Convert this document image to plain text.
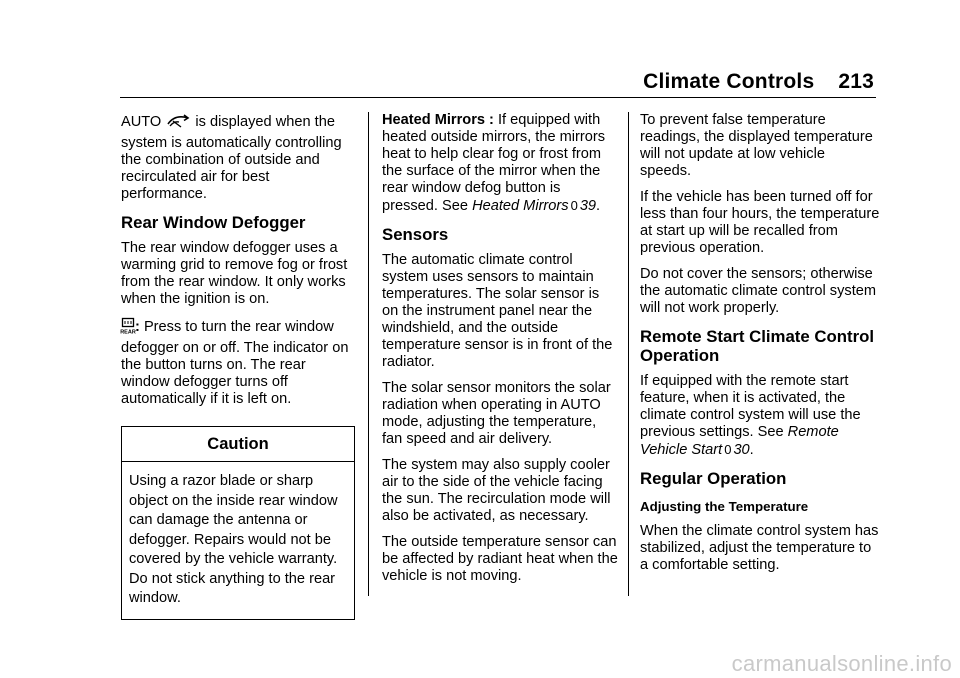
Climate Controls 213

AUTO is displayed when the system is automatically controlling the combination of outside and recirculated air for best performance.

Rear Window Defogger

The rear window defogger uses a warming grid to remove fog or frost from the rear window. It only works when the ignition is on.

REAR : Press to turn the rear window defogger on or off. The indicator on the button turns on. The rear window defogger turns off automatically if it is left on.

Caution
Using a razor blade or sharp object on the inside rear window can damage the antenna or defogger. Repairs would not be covered by the vehicle warranty. Do not stick anything to the rear window.

Heated Mirrors : If equipped with heated outside mirrors, the mirrors heat to help clear fog or frost from the surface of the mirror when the rear window defog button is pressed. See Heated Mirrors 0 39.

Sensors

The automatic climate control system uses sensors to maintain temperatures. The solar sensor is on the instrument panel near the windshield, and the outside temperature sensor is in front of the radiator.

The solar sensor monitors the solar radiation when operating in AUTO mode, adjusting the temperature, fan speed and air delivery.

The system may also supply cooler air to the side of the vehicle facing the sun. The recirculation mode will also be activated, as necessary.

The outside temperature sensor can be affected by radiant heat when the vehicle is not moving.

To prevent false temperature readings, the displayed temperature will not update at low vehicle speeds.

If the vehicle has been turned off for less than four hours, the temperature at start up will be recalled from previous operation.

Do not cover the sensors; otherwise the automatic climate control system will not work properly.

Remote Start Climate Control Operation

If equipped with the remote start feature, when it is activated, the climate control system will use the previous settings. See Remote Vehicle Start 0 30.

Regular Operation
Adjusting the Temperature

When the climate control system has stabilized, adjust the temperature to a comfortable setting.

carmanualsonline.info
